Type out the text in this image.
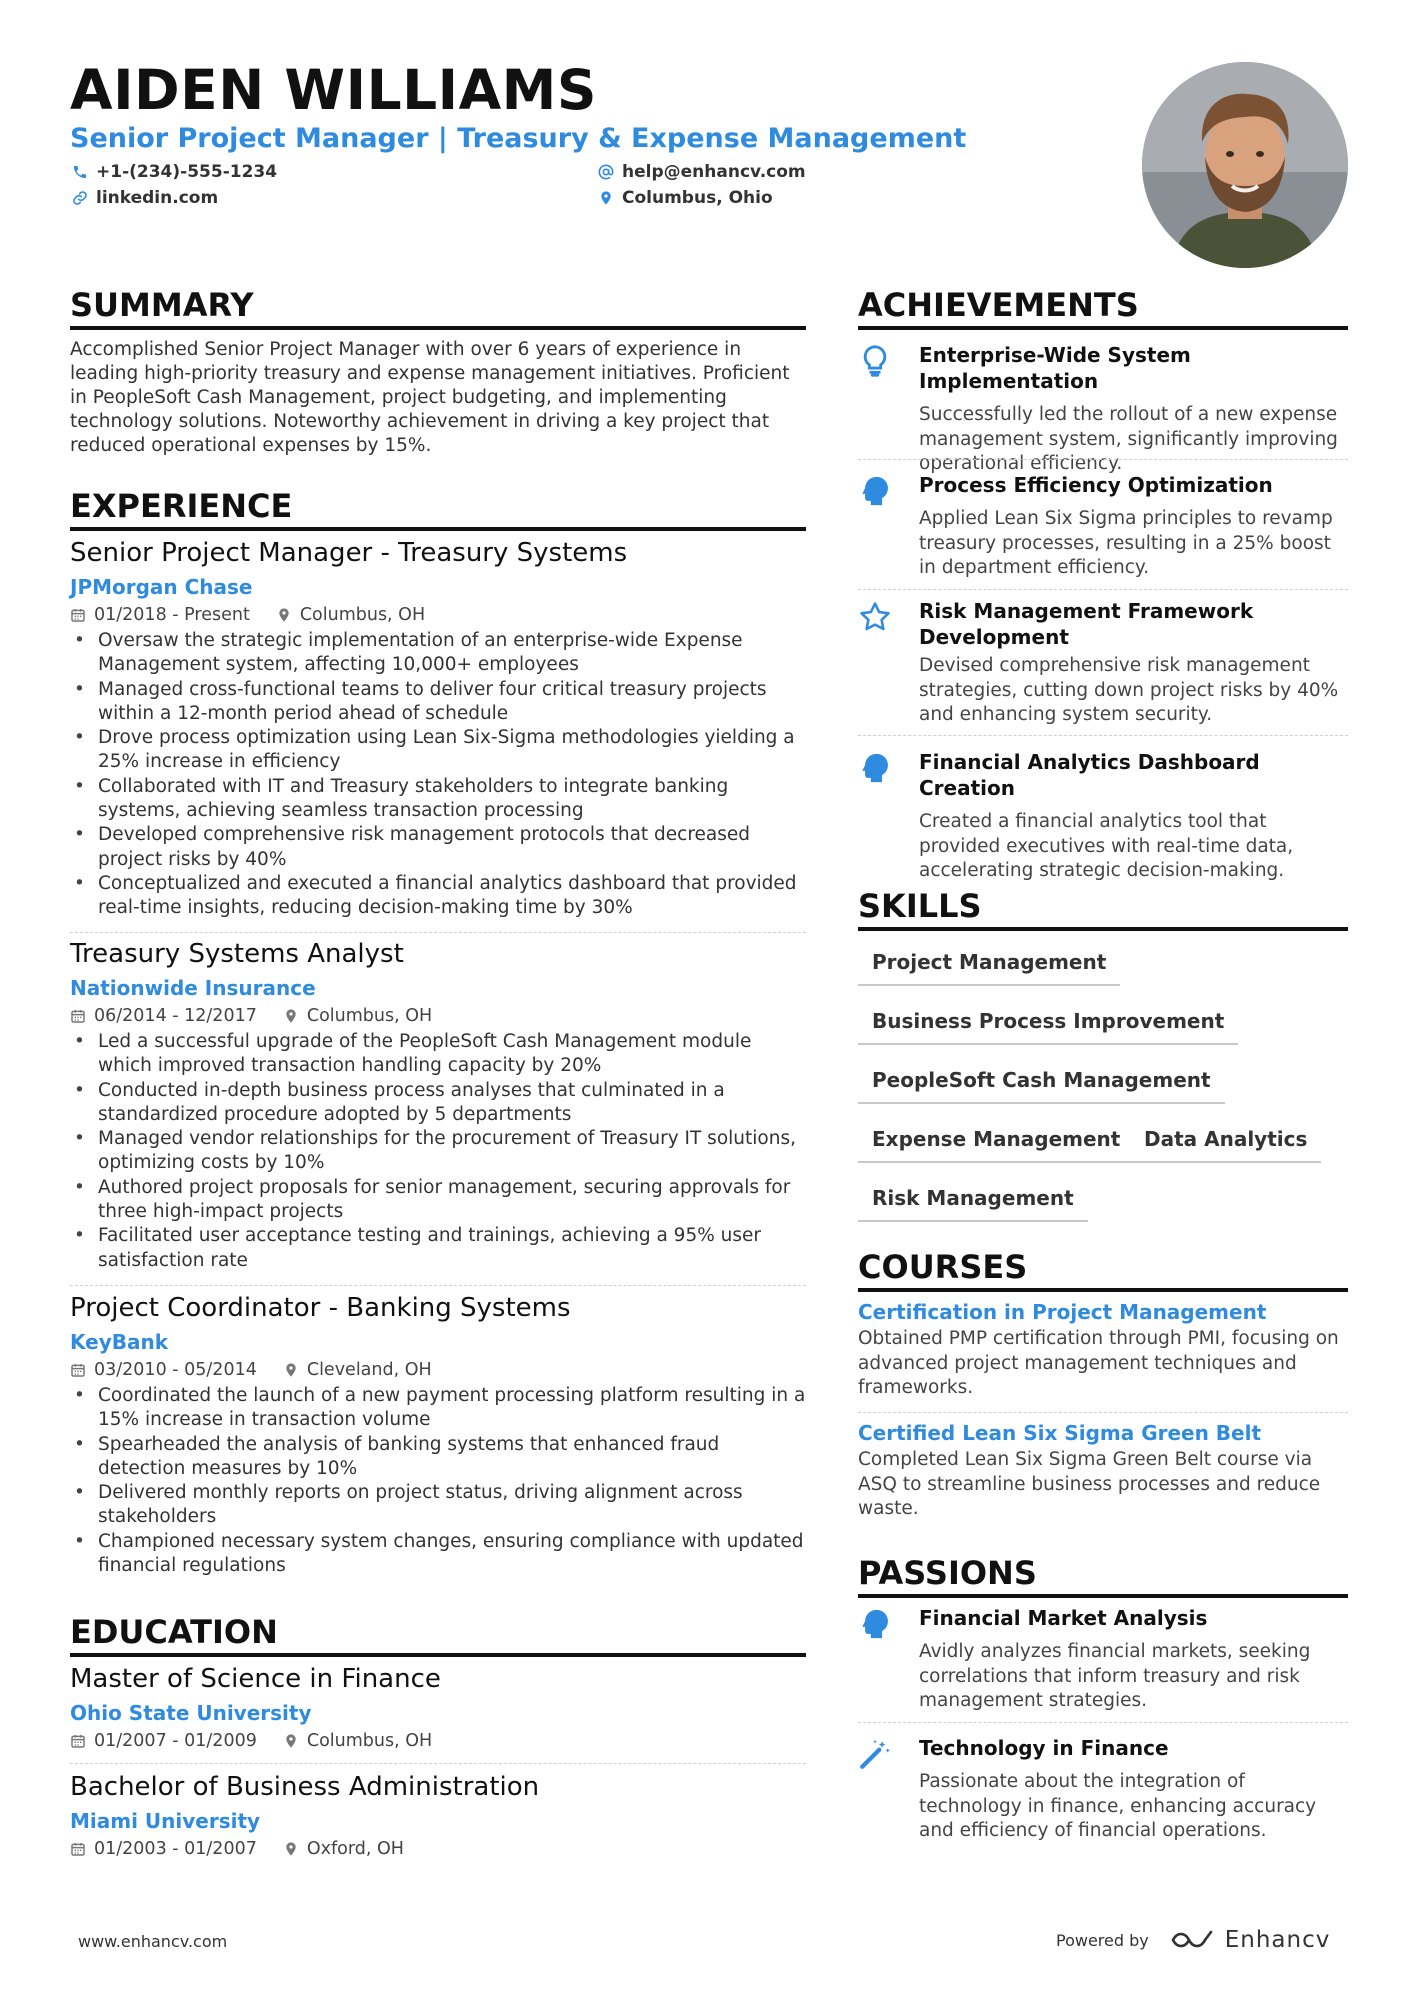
AIDEN WILLIAMS
Senior Project Manager | Treasury & Expense Management
+1-(234)-555-1234	help@enhancv.com
linkedin.com	Columbus, Ohio
SUMMARY
Accomplished Senior Project Manager with over 6 years of experience in leading high-priority treasury and expense management initiatives. Proficient in PeopleSoft Cash Management, project budgeting, and implementing technology solutions. Noteworthy achievement in driving a key project that reduced operational expenses by 15%.
EXPERIENCE
Senior Project Manager - Treasury Systems
JPMorgan Chase
01/2018 - Present	Columbus, OH
• Oversaw the strategic implementation of an enterprise-wide Expense Management system, affecting 10,000+ employees
• Managed cross-functional teams to deliver four critical treasury projects within a 12-month period ahead of schedule
• Drove process optimization using Lean Six-Sigma methodologies yielding a 25% increase in efficiency
• Collaborated with IT and Treasury stakeholders to integrate banking systems, achieving seamless transaction processing
• Developed comprehensive risk management protocols that decreased project risks by 40%
• Conceptualized and executed a financial analytics dashboard that provided real-time insights, reducing decision-making time by 30%
Treasury Systems Analyst
Nationwide Insurance
06/2014 - 12/2017	Columbus, OH
• Led a successful upgrade of the PeopleSoft Cash Management module which improved transaction handling capacity by 20%
• Conducted in-depth business process analyses that culminated in a standardized procedure adopted by 5 departments
• Managed vendor relationships for the procurement of Treasury IT solutions, optimizing costs by 10%
• Authored project proposals for senior management, securing approvals for three high-impact projects
• Facilitated user acceptance testing and trainings, achieving a 95% user satisfaction rate
Project Coordinator - Banking Systems
KeyBank
03/2010 - 05/2014	Cleveland, OH
• Coordinated the launch of a new payment processing platform resulting in a 15% increase in transaction volume
• Spearheaded the analysis of banking systems that enhanced fraud detection measures by 10%
• Delivered monthly reports on project status, driving alignment across stakeholders
• Championed necessary system changes, ensuring compliance with updated financial regulations
EDUCATION
Master of Science in Finance
Ohio State University
01/2007 - 01/2009	Columbus, OH
Bachelor of Business Administration
Miami University
01/2003 - 01/2007	Oxford, OH
ACHIEVEMENTS
Enterprise-Wide System Implementation
Successfully led the rollout of a new expense management system, significantly improving operational efficiency.
Process Efficiency Optimization
Applied Lean Six Sigma principles to revamp treasury processes, resulting in a 25% boost in department efficiency.
Risk Management Framework Development
Devised comprehensive risk management strategies, cutting down project risks by 40% and enhancing system security.
Financial Analytics Dashboard Creation
Created a financial analytics tool that provided executives with real-time data, accelerating strategic decision-making.
SKILLS
Project Management
Business Process Improvement
PeopleSoft Cash Management
Expense Management	Data Analytics
Risk Management
COURSES
Certification in Project Management
Obtained PMP certification through PMI, focusing on advanced project management techniques and frameworks.
Certified Lean Six Sigma Green Belt
Completed Lean Six Sigma Green Belt course via ASQ to streamline business processes and reduce waste.
PASSIONS
Financial Market Analysis
Avidly analyzes financial markets, seeking correlations that inform treasury and risk management strategies.
Technology in Finance
Passionate about the integration of technology in finance, enhancing accuracy and efficiency of financial operations.
www.enhancv.com	Powered by	Enhancv
